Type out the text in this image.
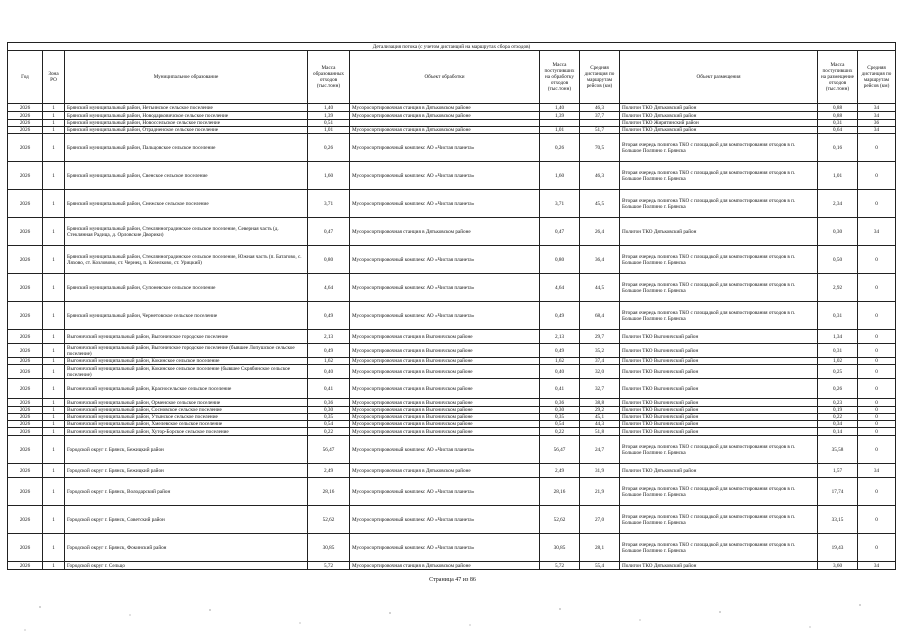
Детализация потока (с учетом дистанций на маршрутах сбора отходов)									
Год	Зона РО	Муниципальное образование	Масса образованных отходов (тыс.тонн)	Объект обработки	Масса поступивших на обработку отходов (тыс.тонн)	Средняя дистанция по маршрутам рейсов (км)	Объект размещения	Масса поступивших на размещение отходов (тыс.тонн)	Средняя дистанция по маршрутам рейсов (км)
2026	1	Брянский муниципальный район, Нетьинское сельское поселение	1,40	Мусоросортировочная станция в Дятьковском районе	1,40	46,3	Полигон ТКО Дятьковский район	0,88	34
2026	1	Брянский муниципальный район, Новодарковичское сельское поселение	1,39	Мусоросортировочная станция в Дятьковском районе	1,39	37,7	Полигон ТКО Дятьковский район	0,88	34
2026	1	Брянский муниципальный район, Новоссельское сельское поселение	0,51				Полигон ТКО Жирятинский район	0,31	36
2026	1	Брянский муниципальный район, Отрадненское сельское поселение	1,01	Мусоросортировочная станция в Дятьковском районе	1,01	51,7	Полигон ТКО Дятьковский район	0,64	34
2026	1	Брянский муниципальный район, Пальцовское сельское поселение	0,26	Мусоросортировочный комплекс АО «Чистая планета»	0,26	70,5	Вторая очередь полигона ТКО с площадкой для компостирования отходов в п. Большое Полпино г. Брянска	0,16	0
2026	1	Брянский муниципальный район, Свенское сельское поселение	1,60	Мусоросортировочный комплекс АО «Чистая планета»	1,60	46,3	Вторая очередь полигона ТКО с площадкой для компостирования отходов в п. Большое Полпино г. Брянска	1,01	0
2026	1	Брянский муниципальный район, Снежское сельское поселение	3,71	Мусоросортировочный комплекс АО «Чистая планета»	3,71	45,5	Вторая очередь полигона ТКО с площадкой для компостирования отходов в п. Большое Полпино г. Брянска	2,34	0
2026	1	Брянский муниципальный район, Стеклянноградинское сельское поселение, Северная часть (д. Стеклянная Радица, д. Орловские Дворики)	0,47	Мусоросортировочная станция в Дятьковском районе	0,47	26,4	Полигон ТКО Дятьковский район	0,30	34
2026	1	Брянский муниципальный район, Стеклянноградинское сельское поселение, Южная часть (п. Батагово, с. Ляхово, ст. Козловово, ст. Чернец, п. Козелково, ст. Урицкий)	0,80	Мусоросортировочный комплекс АО «Чистая планета»	0,80	36,4	Вторая очередь полигона ТКО с площадкой для компостирования отходов в п. Большое Полпино г. Брянска	0,50	0
2026	1	Брянский муниципальный район, Супоневское сельское поселение	4,64	Мусоросортировочный комплекс АО «Чистая планета»	4,64	44,5	Вторая очередь полигона ТКО с площадкой для компостирования отходов в п. Большое Полпино г. Брянска	2,92	0
2026	1	Брянский муниципальный район, Чернетовское сельское поселение	0,49	Мусоросортировочный комплекс АО «Чистая планета»	0,49	68,4	Вторая очередь полигона ТКО с площадкой для компостирования отходов в п. Большое Полпино г. Брянска	0,31	0
2026	1	Выгоничский муниципальный район, Выгоничское городское поселение	2,13	Мусоросортировочная станция в Выгоничском районе	2,13	29,7	Полигон ТКО Выгоничский район	1,34	0
2026	1	Выгоничский муниципальный район, Выгоничское городское поселение (бывшее Лопушское сельское поселение)	0,49	Мусоросортировочная станция в Выгоничском районе	0,49	35,2	Полигон ТКО Выгоничский район	0,31	0
2026	1	Выгоничский муниципальный район, Кокинское сельское поселение	1,62	Мусоросортировочная станция в Выгоничском районе	1,62	37,4	Полигон ТКО Выгоничский район	1,02	0
2026	1	Выгоничский муниципальный район, Кокинское сельское поселение (бывшее Скрябинское сельское поселение)	0,40	Мусоросортировочная станция в Выгоничском районе	0,40	32,0	Полигон ТКО Выгоничский район	0,25	0
2026	1	Выгоничский муниципальный район, Красносельское сельское поселение	0,41	Мусоросортировочная станция в Выгоничском районе	0,41	32,7	Полигон ТКО Выгоничский район	0,26	0
2026	1	Выгоничский муниципальный район, Орменское сельское поселение	0,36	Мусоросортировочная станция в Выгоничском районе	0,36	38,8	Полигон ТКО Выгоничский район	0,23	0
2026	1	Выгоничский муниципальный район, Сосновское сельское поселение	0,30	Мусоросортировочная станция в Выгоничском районе	0,30	29,2	Полигон ТКО Выгоничский район	0,19	0
2026	1	Выгоничский муниципальный район, Утынское сельское поселение	0,35	Мусоросортировочная станция в Выгоничском районе	0,35	45,1	Полигон ТКО Выгоничский район	0,22	0
2026	1	Выгоничский муниципальный район, Хмелевское сельское поселение	0,54	Мусоросортировочная станция в Выгоничском районе	0,54	44,3	Полигон ТКО Выгоничский район	0,34	0
2026	1	Выгоничский муниципальный район, Хутор-Борское сельское поселение	0,22	Мусоросортировочная станция в Выгоничском районе	0,22	51,8	Полигон ТКО Выгоничский район	0,14	0
2026	1	Городской округ г. Брянск, Бежицкий район	56,47	Мусоросортировочный комплекс АО «Чистая планета»	56,47	24,7	Вторая очередь полигона ТКО с площадкой для компостирования отходов в п. Большое Полпино г. Брянска	35,58	0
2026	1	Городской округ г. Брянск, Бежицкий район	2,49	Мусоросортировочная станция в Дятьковском районе	2,49	31,9	Полигон ТКО Дятьковский район	1,57	34
2026	1	Городской округ г. Брянск, Володарский район	28,16	Мусоросортировочный комплекс АО «Чистая планета»	28,16	21,9	Вторая очередь полигона ТКО с площадкой для компостирования отходов в п. Большое Полпино г. Брянска	17,74	0
2026	1	Городской округ г. Брянск, Советский район	52,62	Мусоросортировочный комплекс АО «Чистая планета»	52,62	27,0	Вторая очередь полигона ТКО с площадкой для компостирования отходов в п. Большое Полпино г. Брянска	33,15	0
2026	1	Городской округ г. Брянск, Фокинский район	30,85	Мусоросортировочный комплекс АО «Чистая планета»	30,85	28,1	Вторая очередь полигона ТКО с площадкой для компостирования отходов в п. Большое Полпино г. Брянска	19,43	0
2026	1	Городской округ г. Сельцо	5,72	Мусоросортировочная станция в Дятьковском районе	5,72	55,4	Полигон ТКО Дятьковский район	3,60	34
Страница 47 из 86
